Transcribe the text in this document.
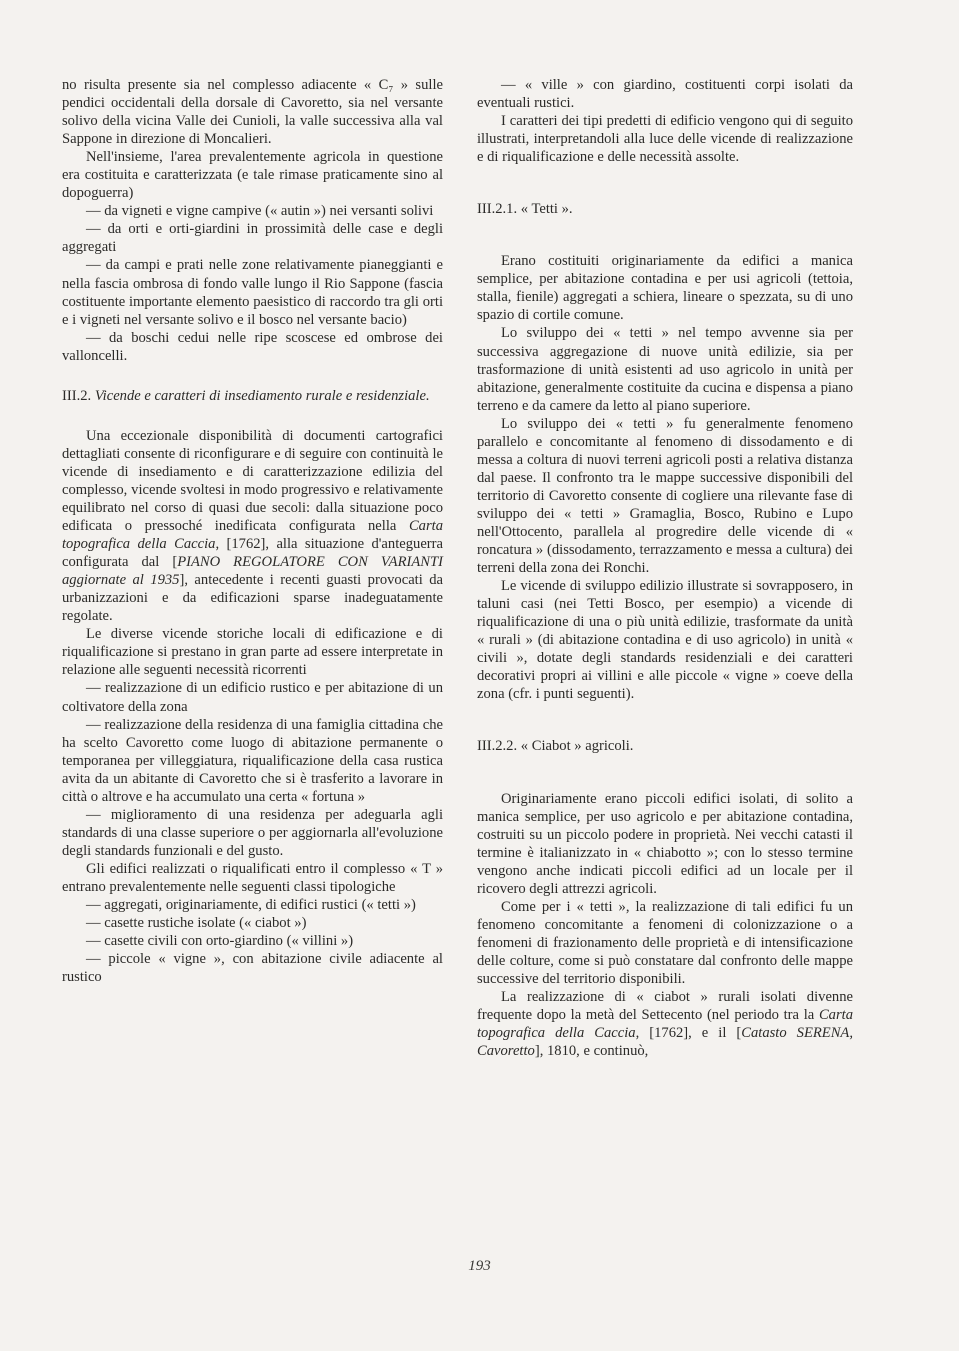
no risulta presente sia nel complesso adiacente « C₇ » sulle pendici occidentali della dorsale di Cavoretto, sia nel versante solivo della vicina Valle dei Cunioli, la valle successiva alla val Sappone in direzione di Moncalieri.

Nell'insieme, l'area prevalentemente agricola in questione era costituita e caratterizzata (e tale rimase praticamente sino al dopoguerra)

— da vigneti e vigne campive (« autin ») nei versanti solivi

— da orti e orti-giardini in prossimità delle case e degli aggregati

— da campi e prati nelle zone relativamente pianeggianti e nella fascia ombrosa di fondo valle lungo il Rio Sappone (fascia costituente importante elemento paesistico di raccordo tra gli orti e i vigneti nel versante solivo e il bosco nel versante bacio)

— da boschi cedui nelle ripe scoscese ed ombrose dei valloncelli.

III.2. Vicende e caratteri di insediamento rurale e residenziale.

Una eccezionale disponibilità di documenti cartografici dettagliati consente di riconfigurare e di seguire con continuità le vicende di insediamento e di caratterizzazione edilizia del complesso, vicende svoltesi in modo progressivo e relativamente equilibrato nel corso di quasi due secoli: dalla situazione poco edificata o pressoché inedificata configurata nella Carta topografica della Caccia, [1762], alla situazione d'anteguerra configurata dal [PIANO REGOLATORE CON VARIANTI aggiornate al 1935], antecedente i recenti guasti provocati da urbanizzazioni e da edificazioni sparse inadeguatamente regolate.

Le diverse vicende storiche locali di edificazione e di riqualificazione si prestano in gran parte ad essere interpretate in relazione alle seguenti necessità ricorrenti

— realizzazione di un edificio rustico e per abitazione di un coltivatore della zona

— realizzazione della residenza di una famiglia cittadina che ha scelto Cavoretto come luogo di abitazione permanente o temporanea per villeggiatura, riqualificazione della casa rustica avita da un abitante di Cavoretto che si è trasferito a lavorare in città o altrove e ha accumulato una certa « fortuna »

— miglioramento di una residenza per adeguarla agli standards di una classe superiore o per aggiornarla all'evoluzione degli standards funzionali e del gusto.

Gli edifici realizzati o riqualificati entro il complesso « T » entrano prevalentemente nelle seguenti classi tipologiche

— aggregati, originariamente, di edifici rustici (« tetti »)

— casette rustiche isolate (« ciabot »)

— casette civili con orto-giardino (« villini »)

— piccole « vigne », con abitazione civile adiacente al rustico

— « ville » con giardino, costituenti corpi isolati da eventuali rustici.

I caratteri dei tipi predetti di edificio vengono qui di seguito illustrati, interpretandoli alla luce delle vicende di realizzazione e di riqualificazione e delle necessità assolte.

III.2.1. « Tetti ».

Erano costituiti originariamente da edifici a manica semplice, per abitazione contadina e per usi agricoli (tettoia, stalla, fienile) aggregati a schiera, lineare o spezzata, su di uno spazio di cortile comune.

Lo sviluppo dei « tetti » nel tempo avvenne sia per successiva aggregazione di nuove unità edilizie, sia per trasformazione di unità esistenti ad uso agricolo in unità per abitazione, generalmente costituite da cucina e dispensa a piano terreno e da camere da letto al piano superiore.

Lo sviluppo dei « tetti » fu generalmente fenomeno parallelo e concomitante al fenomeno di dissodamento e di messa a coltura di nuovi terreni agricoli posti a relativa distanza dal paese. Il confronto tra le mappe successive disponibili del territorio di Cavoretto consente di cogliere una rilevante fase di sviluppo dei « tetti » Gramaglia, Bosco, Rubino e Lupo nell'Ottocento, parallela al progredire delle vicende di « roncatura » (dissodamento, terrazzamento e messa a cultura) dei terreni della zona dei Ronchi.

Le vicende di sviluppo edilizio illustrate si sovrapposero, in taluni casi (nei Tetti Bosco, per esempio) a vicende di riqualificazione di una o più unità edilizie, trasformate da unità « rurali » (di abitazione contadina e di uso agricolo) in unità « civili », dotate degli standards residenziali e dei caratteri decorativi propri ai villini e alle piccole « vigne » coeve della zona (cfr. i punti seguenti).

III.2.2. « Ciabot » agricoli.

Originariamente erano piccoli edifici isolati, di solito a manica semplice, per uso agricolo e per abitazione contadina, costruiti su un piccolo podere in proprietà. Nei vecchi catasti il termine è italianizzato in « chiabotto »; con lo stesso termine vengono anche indicati piccoli edifici ad un locale per il ricovero degli attrezzi agricoli.

Come per i « tetti », la realizzazione di tali edifici fu un fenomeno concomitante a fenomeni di colonizzazione o a fenomeni di frazionamento delle proprietà e di intensificazione delle colture, come si può constatare dal confronto delle mappe successive del territorio disponibili.

La realizzazione di « ciabot » rurali isolati divenne frequente dopo la metà del Settecento (nel periodo tra la Carta topografica della Caccia, [1762], e il [Catasto SERENA, Cavoretto], 1810, e continuò,

193
